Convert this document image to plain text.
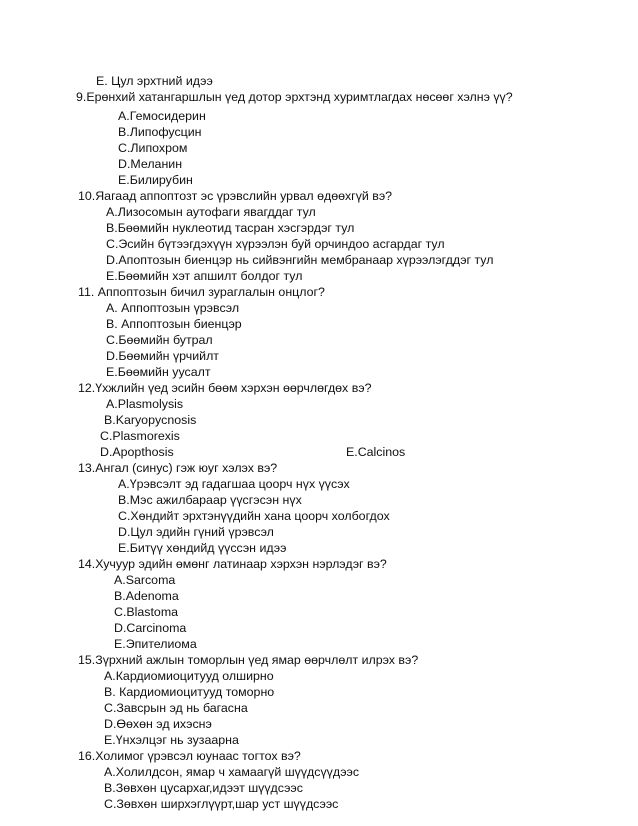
E. Цул эрхтний идээ
9.Ерөнхий хатангаршлын үед дотор эрхтэнд хуримтлагдах нөсөөг хэлнэ үү?
A.Гемосидерин
B.Липофусцин
C.Липохром
D.Меланин
E.Билирубин
10.Яагаад аппоптозт эс үрэвслийн урвал өдөөхгүй вэ?
A.Лизосомын аутофаги явагддаг тул
B.Бөөмийн нуклеотид тасран хэсгэрдэг тул
C.Эсийн бүтээгдэхүүн хүрээлэн буй орчиндоо асгардаг тул
D.Апоптозын биенцэр нь сийвэнгийн мембранаар хүрээлэгддэг тул
E.Бөөмийн хэт апшилт болдог тул
11. Аппоптозын бичил зураглалын онцлог?
A. Аппоптозын үрэвсэл
B. Аппоптозын биенцэр
C.Бөөмийн бутрал
D.Бөөмийн үрчийлт
E.Бөөмийн уусалт
12.Үхжлийн үед эсийн бөөм хэрхэн өөрчлөгдөх вэ?
A.Plasmolysis
B.Karyopycnosis
C.Plasmorexis
D.Apopthosis	E.Calcinos
13.Ангал (синус) гэж юуг хэлэх вэ?
A.Үрэвсэлт эд гадагшаа цоорч нүх үүсэх
B.Мэс ажилбараар үүсгэсэн нүх
C.Хөндийт эрхтэнүүдийн хана цоорч холбогдох
D.Цул эдийн гүний үрэвсэл
E.Битүү хөндийд үүссэн идээ
14.Хучуур эдийн өмөнг латинаар хэрхэн нэрлэдэг вэ?
A.Sarcoma
B.Adenoma
C.Blastoma
D.Carcinoma
E.Эпителиома
15.Зүрхний ажлын томорлын үед ямар өөрчлөлт илрэх вэ?
A.Кардиомиоцитууд олширно
B. Кардиомиоцитууд томорно
C.Завсрын эд нь багасна
D.Өөхөн эд ихэснэ
E.Үнхэлцэг нь зузаарна
16.Холимог үрэвсэл юунаас тогтох вэ?
A.Холилдсон, ямар ч хамаагүй шүүдсүүдээс
B.Зөвхөн цусархаг,идээт шүүдсээс
C.Зөвхөн ширхэглүүрт,шар уст шүүдсээс
